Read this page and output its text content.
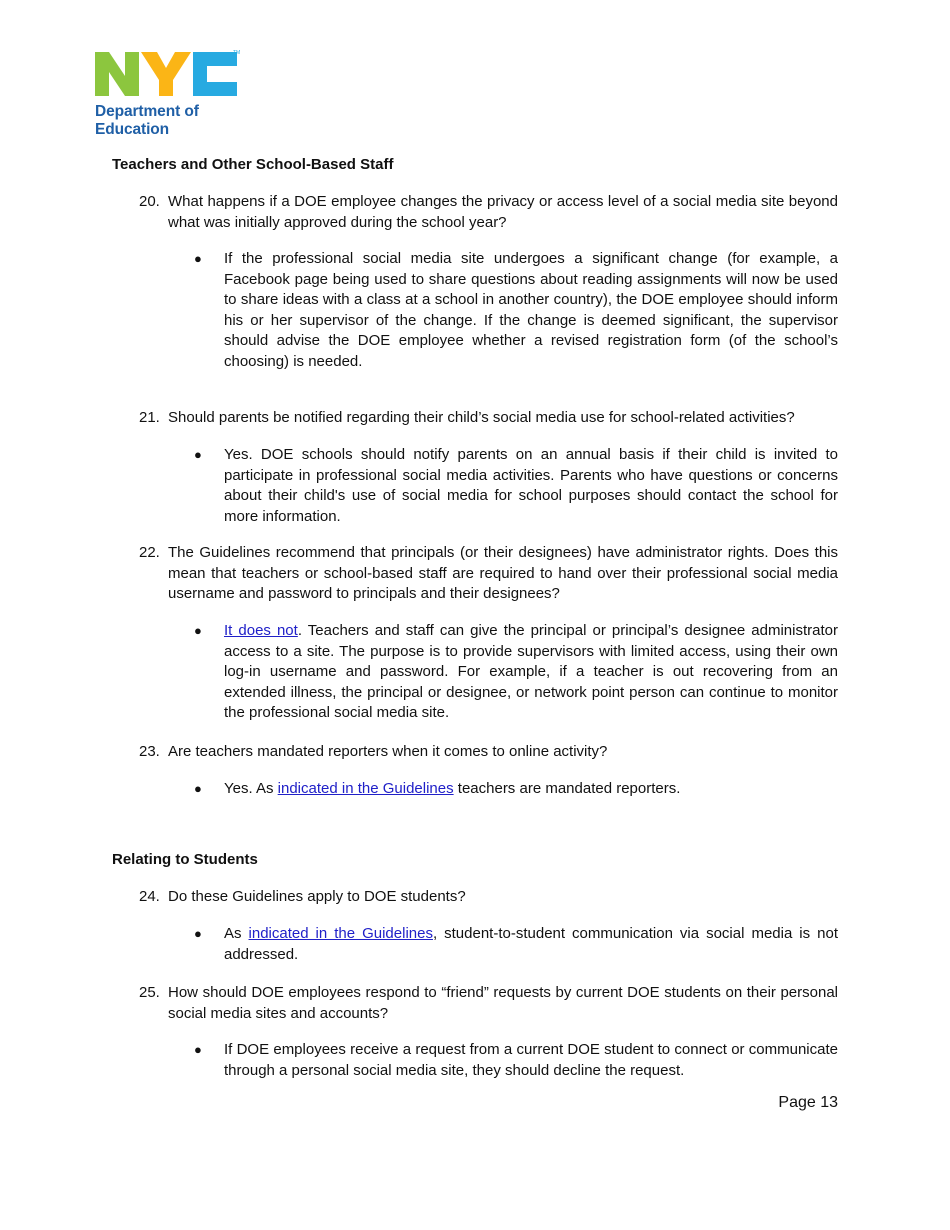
TM
Department of
Education
Teachers and Other School-Based Staff
20. What happens if a DOE employee changes the privacy or access level of a social media site beyond what was initially approved during the school year?
● If the professional social media site undergoes a significant change (for example, a Facebook page being used to share questions about reading assignments will now be used to share ideas with a class at a school in another country), the DOE employee should inform his or her supervisor of the change. If the change is deemed significant, the supervisor should advise the DOE employee whether a revised registration form (of the school’s choosing) is needed.
21. Should parents be notified regarding their child’s social media use for school-related activities?
● Yes. DOE schools should notify parents on an annual basis if their child is invited to participate in professional social media activities. Parents who have questions or concerns about their child's use of social media for school purposes should contact the school for more information.
22. The Guidelines recommend that principals (or their designees) have administrator rights. Does this mean that teachers or school-based staff are required to hand over their professional social media username and password to principals and their designees?
● It does not. Teachers and staff can give the principal or principal’s designee administrator access to a site. The purpose is to provide supervisors with limited access, using their own log-in username and password. For example, if a teacher is out recovering from an extended illness, the principal or designee, or network point person can continue to monitor the professional social media site.
23. Are teachers mandated reporters when it comes to online activity?
● Yes. As indicated in the Guidelines teachers are mandated reporters.
Relating to Students
24. Do these Guidelines apply to DOE students?
● As indicated in the Guidelines, student-to-student communication via social media is not addressed.
25. How should DOE employees respond to “friend” requests by current DOE students on their personal social media sites and accounts?
● If DOE employees receive a request from a current DOE student to connect or communicate through a personal social media site, they should decline the request.
Page 13
